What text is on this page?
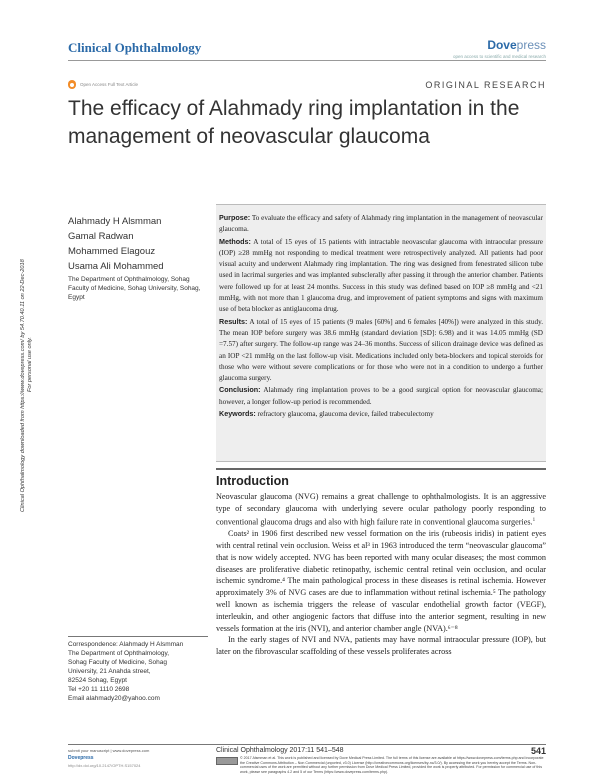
Clinical Ophthalmology	Dovepress
open access to scientific and medical research
Open Access Full Text Article	ORIGINAL RESEARCH
The efficacy of Alahmady ring implantation in the management of neovascular glaucoma
Clinical Ophthalmology downloaded from https://www.dovepress.com/ by 54.70.40.11 on 22-Dec-2018 For personal use only.
Alahmady H Alsmman
Gamal Radwan
Mohammed Elagouz
Usama Ali Mohammed
The Department of Ophthalmology, Sohag Faculty of Medicine, Sohag University, Sohag, Egypt

Purpose: To evaluate the efficacy and safety of Alahmady ring implantation in the management of neovascular glaucoma.

Methods: A total of 15 eyes of 15 patients with intractable neovascular glaucoma with intraocular pressure (IOP) ≥28 mmHg not responding to medical treatment were retrospectively analyzed. All patients had poor visual acuity and underwent Alahmady ring implantation. The ring was designed from fenestrated silicon tube used in lacrimal surgeries and was implanted subsclerally after passing it through the anterior chamber. Patients were followed up for at least 24 months. Success in this study was defined based on IOP ≥8 mmHg and <21 mmHg, with not more than 1 glaucoma drug, and improvement of patient symptoms and signs with maximum use of beta blocker as antiglaucoma drug.

Results: A total of 15 eyes of 15 patients (9 males [60%] and 6 females [40%]) were analyzed in this study. The mean IOP before surgery was 38.6 mmHg (standard deviation [SD]: 6.98) and it was 14.05 mmHg (SD =7.57) after surgery. The follow-up range was 24–36 months. Success of silicon drainage device was defined as an IOP <21 mmHg on the last follow-up visit. Medications included only beta-blockers and topical steroids for those who were without severe complications or for those who were not in a condition to undergo a further glaucoma surgery.

Conclusion: Alahmady ring implantation proves to be a good surgical option for neovascular glaucoma; however, a longer follow-up period is recommended.

Keywords: refractory glaucoma, glaucoma device, failed trabeculectomy

Introduction

Neovascular glaucoma (NVG) remains a great challenge to ophthalmologists. It is an aggressive type of secondary glaucoma with underlying severe ocular pathology poorly responding to conventional glaucoma drugs and also with high failure rate in conventional glaucoma surgeries.$^1$

Coats² in 1906 first described new vessel formation on the iris (rubeosis iridis) in patient eyes with central retinal vein occlusion. Weiss et al³ in 1963 introduced the term “neovascular glaucoma” that is now widely accepted. NVG has been reported with many ocular diseases; the most common diseases are proliferative diabetic retinopathy, ischemic central retinal vein occlusion, and ocular ischemic syndrome.⁴ The main pathological process in these diseases is retinal ischemia. However approximately 3% of NVG cases are due to inflammation without retinal ischemia.⁵ The pathology well known as ischemia triggers the release of vascular endothelial growth factor (VEGF), interleukin, and other angiogenic factors that diffuse into the anterior segment, resulting in new vessels formation at the iris (NVI), and anterior chamber angle (NVA).⁶⁻⁸

In the early stages of NVI and NVA, patients may have normal intraocular pressure (IOP), but later on the fibrovascular scaffolding of these vessels proliferates across

Correspondence: Alahmady H Alsmman
The Department of Ophthalmology,
Sohag Faculty of Medicine, Sohag
University, 21 Anahda street,
82524 Sohag, Egypt
Tel +20 11 1110 2698
Email alahmady20@yahoo.com
submit your manuscript | www.dovepress.com
Dovepress
http://dx.doi.org/10.2147/OPTH.S157024
Clinical Ophthalmology 2017:11 541–548	541
© 2017 Alsmman et al. This work is published and licensed by Dove Medical Press Limited. The full terms of this license are available at https://www.dovepress.com/terms.php and incorporate the Creative Commons Attribution – Non Commercial (unported, v3.0) License (http://creativecommons.org/licenses/by-nc/3.0/). By accessing the work you hereby accept the Terms. Non-commercial uses of the work are permitted without any further permission from Dove Medical Press Limited, provided the work is properly attributed. For permission for commercial use of this work, please see paragraphs 4.2 and 5 of our Terms (https://www.dovepress.com/terms.php).
